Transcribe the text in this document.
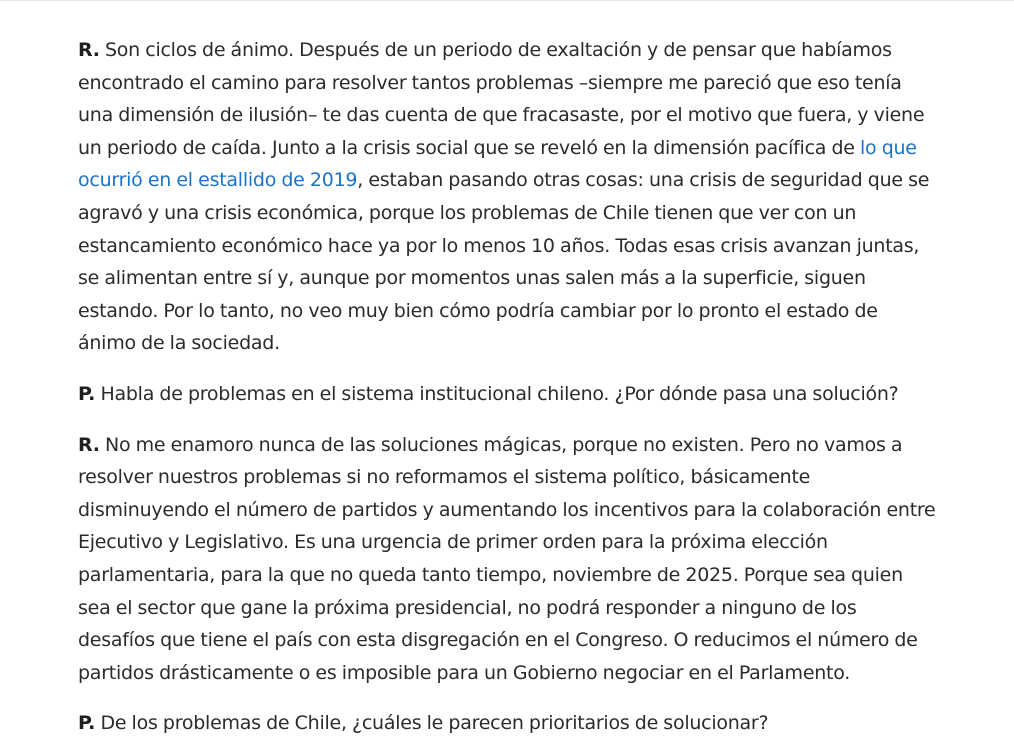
R. Son ciclos de ánimo. Después de un periodo de exaltación y de pensar que habíamos encontrado el camino para resolver tantos problemas –siempre me pareció que eso tenía una dimensión de ilusión– te das cuenta de que fracasaste, por el motivo que fuera, y viene un periodo de caída. Junto a la crisis social que se reveló en la dimensión pacífica de lo que ocurrió en el estallido de 2019, estaban pasando otras cosas: una crisis de seguridad que se agravó y una crisis económica, porque los problemas de Chile tienen que ver con un estancamiento económico hace ya por lo menos 10 años. Todas esas crisis avanzan juntas, se alimentan entre sí y, aunque por momentos unas salen más a la superficie, siguen estando. Por lo tanto, no veo muy bien cómo podría cambiar por lo pronto el estado de ánimo de la sociedad.

P. Habla de problemas en el sistema institucional chileno. ¿Por dónde pasa una solución?

R. No me enamoro nunca de las soluciones mágicas, porque no existen. Pero no vamos a resolver nuestros problemas si no reformamos el sistema político, básicamente disminuyendo el número de partidos y aumentando los incentivos para la colaboración entre Ejecutivo y Legislativo. Es una urgencia de primer orden para la próxima elección parlamentaria, para la que no queda tanto tiempo, noviembre de 2025. Porque sea quien sea el sector que gane la próxima presidencial, no podrá responder a ninguno de los desafíos que tiene el país con esta disgregación en el Congreso. O reducimos el número de partidos drásticamente o es imposible para un Gobierno negociar en el Parlamento.

P. De los problemas de Chile, ¿cuáles le parecen prioritarios de solucionar?
